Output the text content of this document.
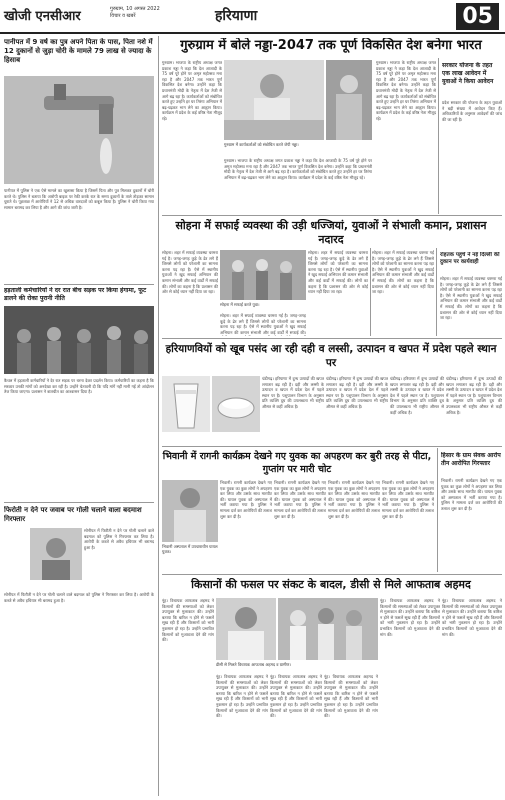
खोजी एनसीआर	गुरुग्राम, 10 अगस्त 2022
विचार व खबरें	हरियाणा	05
पानीपत में 9 वर्ष का पुत्र अपने पिता के पास, पिता नशे में 12 दुकानों से जुड़ा चोरी के मामले 79 लाख से ज्यादा के हिसाब
पानीपत में पुलिस ने एक ऐसे मामले का खुलासा किया है जिसमें पिता और पुत्र मिलकर दुकानों में चोरी करते थे। पुलिस ने बताया कि आरोपी बाइक पर रेकी करके रात के समय दुकानों के ताले तोड़कर सामान चुराते थे। पूछताछ में आरोपियों ने 12 से अधिक वारदातों को कबूल किया है। पुलिस ने चोरी किया गया सामान बरामद कर लिया है और आगे की जांच जारी है।
हड़ताली कर्मचारियों ने दर रात बीच सड़क पर किया हंगामा, फूट डालने की रोका पुरानी नीति
कैथल में हड़ताली कर्मचारियों ने देर रात सड़क पर धरना देकर प्रदर्शन किया। कर्मचारियों का कहना है कि सरकार उनकी मांगों को अनदेखा कर रही है। उन्होंने चेतावनी दी कि यदि मांगें नहीं मानी गईं तो आंदोलन तेज किया जाएगा। प्रशासन ने बातचीत का आश्वासन दिया है।
फिरोती न देने पर जवाब पर गोली चलाने वाला बदमाश गिरफ्तार
सोनीपत में फिरौती न देने पर गोली चलाने वाले बदमाश को पुलिस ने गिरफ्तार कर लिया है। आरोपी के कब्जे से अवैध हथियार भी बरामद हुआ है।
सोनीपत में फिरौती न देने पर गोली चलाने वाले बदमाश को पुलिस ने गिरफ्तार कर लिया है। आरोपी के कब्जे से अवैध हथियार भी बरामद हुआ है।
गुरुग्राम में बोले नड्डा-2047 तक पूर्ण विकसित देश बनेगा भारत
गुरुग्राम। भाजपा के राष्ट्रीय अध्यक्ष जगत प्रकाश नड्डा ने कहा कि देश आजादी के 75 वर्ष पूरे होने पर अमृत महोत्सव मना रहा है और 2047 तक भारत पूर्ण विकसित देश बनेगा। उन्होंने कहा कि प्रधानमंत्री मोदी के नेतृत्व में देश तेजी से आगे बढ़ रहा है। कार्यकर्ताओं को संबोधित करते हुए उन्होंने हर घर तिरंगा अभियान में बढ़-चढ़कर भाग लेने का आह्वान किया। कार्यक्रम में प्रदेश के कई वरिष्ठ नेता मौजूद रहे।
गुरुग्राम में कार्यकर्ताओं को संबोधित करते जेपी नड्डा।
गुरुग्राम। भाजपा के राष्ट्रीय अध्यक्ष जगत प्रकाश नड्डा ने कहा कि देश आजादी के 75 वर्ष पूरे होने पर अमृत महोत्सव मना रहा है और 2047 तक भारत पूर्ण विकसित देश बनेगा। उन्होंने कहा कि प्रधानमंत्री मोदी के नेतृत्व में देश तेजी से आगे बढ़ रहा है। कार्यकर्ताओं को संबोधित करते हुए उन्होंने हर घर तिरंगा अभियान में बढ़-चढ़कर भाग लेने का आह्वान किया। कार्यक्रम में प्रदेश के कई वरिष्ठ नेता मौजूद रहे।
गुरुग्राम। भाजपा के राष्ट्रीय अध्यक्ष जगत प्रकाश नड्डा ने कहा कि देश आजादी के 75 वर्ष पूरे होने पर अमृत महोत्सव मना रहा है और 2047 तक भारत पूर्ण विकसित देश बनेगा। उन्होंने कहा कि प्रधानमंत्री मोदी के नेतृत्व में देश तेजी से आगे बढ़ रहा है। कार्यकर्ताओं को संबोधित करते हुए उन्होंने हर घर तिरंगा अभियान में बढ़-चढ़कर भाग लेने का आह्वान किया। कार्यक्रम में प्रदेश के कई वरिष्ठ नेता मौजूद रहे।
सरकार योजना के तहत एक लाख आवेदन में युवाओं ने किया आवेदन
प्रदेश सरकार की योजना के तहत युवाओं ने बड़ी संख्या में आवेदन किए हैं। अधिकारियों के अनुसार आवेदनों की जांच की जा रही है।
सोहना में सफाई व्यवस्था की उड़ी धज्जियां, युवाओं ने संभाली कमान, प्रशासन नदारद
सोहना। शहर में सफाई व्यवस्था चरमरा गई है। जगह-जगह कूड़े के ढेर लगे हैं जिससे लोगों को परेशानी का सामना करना पड़ रहा है। ऐसे में स्थानीय युवाओं ने खुद सफाई अभियान की कमान संभाली और कई वार्डों में सफाई की। लोगों का कहना है कि प्रशासन की ओर से कोई ध्यान नहीं दिया जा रहा।
सोहना में सफाई करते युवा।
सोहना। शहर में सफाई व्यवस्था चरमरा गई है। जगह-जगह कूड़े के ढेर लगे हैं जिससे लोगों को परेशानी का सामना करना पड़ रहा है। ऐसे में स्थानीय युवाओं ने खुद सफाई अभियान की कमान संभाली और कई वार्डों में सफाई की।
सोहना। शहर में सफाई व्यवस्था चरमरा गई है। जगह-जगह कूड़े के ढेर लगे हैं जिससे लोगों को परेशानी का सामना करना पड़ रहा है। ऐसे में स्थानीय युवाओं ने खुद सफाई अभियान की कमान संभाली और कई वार्डों में सफाई की। लोगों का कहना है कि प्रशासन की ओर से कोई ध्यान नहीं दिया जा रहा।
सोहना। शहर में सफाई व्यवस्था चरमरा गई है। जगह-जगह कूड़े के ढेर लगे हैं जिससे लोगों को परेशानी का सामना करना पड़ रहा है। ऐसे में स्थानीय युवाओं ने खुद सफाई अभियान की कमान संभाली और कई वार्डों में सफाई की। लोगों का कहना है कि प्रशासन की ओर से कोई ध्यान नहीं दिया जा रहा।
रोहतक पहुंचे ने नई दिल्ली की दुकान पर कार्यवाही
सोहना। शहर में सफाई व्यवस्था चरमरा गई है। जगह-जगह कूड़े के ढेर लगे हैं जिससे लोगों को परेशानी का सामना करना पड़ रहा है। ऐसे में स्थानीय युवाओं ने खुद सफाई अभियान की कमान संभाली और कई वार्डों में सफाई की। लोगों का कहना है कि प्रशासन की ओर से कोई ध्यान नहीं दिया जा रहा।
हरियाणवियों को खूब पसंद आ रही दही व लस्सी, उत्पादन व खपत में प्रदेश पहले स्थान पर
चंडीगढ़। हरियाणा में दुग्ध उत्पादों की खपत लगातार बढ़ रही है। दही और लस्सी के उत्पादन व खपत में प्रदेश देश में पहले स्थान पर है। पशुपालन विभाग के अनुसार प्रति व्यक्ति दूध की उपलब्धता भी राष्ट्रीय औसत से कहीं अधिक है।
चंडीगढ़। हरियाणा में दुग्ध उत्पादों की खपत लगातार बढ़ रही है। दही और लस्सी के उत्पादन व खपत में प्रदेश देश में पहले स्थान पर है। पशुपालन विभाग के अनुसार प्रति व्यक्ति दूध की उपलब्धता भी राष्ट्रीय औसत से कहीं अधिक है।
चंडीगढ़। हरियाणा में दुग्ध उत्पादों की खपत लगातार बढ़ रही है। दही और लस्सी के उत्पादन व खपत में प्रदेश देश में पहले स्थान पर है। पशुपालन विभाग के अनुसार प्रति व्यक्ति दूध की उपलब्धता भी राष्ट्रीय औसत से कहीं अधिक है।
चंडीगढ़। हरियाणा में दुग्ध उत्पादों की खपत लगातार बढ़ रही है। दही और लस्सी के उत्पादन व खपत में प्रदेश देश में पहले स्थान पर है। पशुपालन विभाग के अनुसार प्रति व्यक्ति दूध की उपलब्धता भी राष्ट्रीय औसत से कहीं अधिक है।
भिवानी में रागनी कार्यक्रम देखने गए युवक का अपहरण कर बुरी तरह से पीटा, गुप्तांग पर मारी चोट
भिवानी अस्पताल में उपचाराधीन घायल युवक।
भिवानी। रागनी कार्यक्रम देखने गए एक युवक का कुछ लोगों ने अपहरण कर लिया और उसके साथ मारपीट की। घायल युवक को अस्पताल में भर्ती कराया गया है। पुलिस ने मामला दर्ज कर आरोपियों की तलाश शुरू कर दी है।
भिवानी। रागनी कार्यक्रम देखने गए एक युवक का कुछ लोगों ने अपहरण कर लिया और उसके साथ मारपीट की। घायल युवक को अस्पताल में भर्ती कराया गया है। पुलिस ने मामला दर्ज कर आरोपियों की तलाश शुरू कर दी है।
भिवानी। रागनी कार्यक्रम देखने गए एक युवक का कुछ लोगों ने अपहरण कर लिया और उसके साथ मारपीट की। घायल युवक को अस्पताल में भर्ती कराया गया है। पुलिस ने मामला दर्ज कर आरोपियों की तलाश शुरू कर दी है।
भिवानी। रागनी कार्यक्रम देखने गए एक युवक का कुछ लोगों ने अपहरण कर लिया और उसके साथ मारपीट की। घायल युवक को अस्पताल में भर्ती कराया गया है। पुलिस ने मामला दर्ज कर आरोपियों की तलाश शुरू कर दी है।
हिसार के ग्राम सेवक आरोप तीन आरोपित गिरफ्तार
भिवानी। रागनी कार्यक्रम देखने गए एक युवक का कुछ लोगों ने अपहरण कर लिया और उसके साथ मारपीट की। घायल युवक को अस्पताल में भर्ती कराया गया है। पुलिस ने मामला दर्ज कर आरोपियों की तलाश शुरू कर दी है।
किसानों की फसल पर संकट के बादल, डीसी से मिले आफताब अहमद
नूंह। विधायक आफताब अहमद ने किसानों की समस्याओं को लेकर उपायुक्त से मुलाकात की। उन्होंने बताया कि बारिश न होने से फसलें सूख रही हैं और किसानों को भारी नुकसान हो रहा है। उन्होंने प्रभावित किसानों को मुआवजा देने की मांग की।
डीसी से मिलते विधायक आफताब अहमद व ग्रामीण।
नूंह। विधायक आफताब अहमद ने किसानों की समस्याओं को लेकर उपायुक्त से मुलाकात की। उन्होंने बताया कि बारिश न होने से फसलें सूख रही हैं और किसानों को भारी नुकसान हो रहा है। उन्होंने प्रभावित किसानों को मुआवजा देने की मांग की।
नूंह। विधायक आफताब अहमद ने किसानों की समस्याओं को लेकर उपायुक्त से मुलाकात की। उन्होंने बताया कि बारिश न होने से फसलें सूख रही हैं और किसानों को भारी नुकसान हो रहा है। उन्होंने प्रभावित किसानों को मुआवजा देने की मांग की।
नूंह। विधायक आफताब अहमद ने किसानों की समस्याओं को लेकर उपायुक्त से मुलाकात की। उन्होंने बताया कि बारिश न होने से फसलें सूख रही हैं और किसानों को भारी नुकसान हो रहा है। उन्होंने प्रभावित किसानों को मुआवजा देने की मांग की।
नूंह। विधायक आफताब अहमद ने किसानों की समस्याओं को लेकर उपायुक्त से मुलाकात की। उन्होंने बताया कि बारिश न होने से फसलें सूख रही हैं और किसानों को भारी नुकसान हो रहा है। उन्होंने प्रभावित किसानों को मुआवजा देने की मांग की।
नूंह। विधायक आफताब अहमद ने किसानों की समस्याओं को लेकर उपायुक्त से मुलाकात की। उन्होंने बताया कि बारिश न होने से फसलें सूख रही हैं और किसानों को भारी नुकसान हो रहा है। उन्होंने प्रभावित किसानों को मुआवजा देने की मांग की।
